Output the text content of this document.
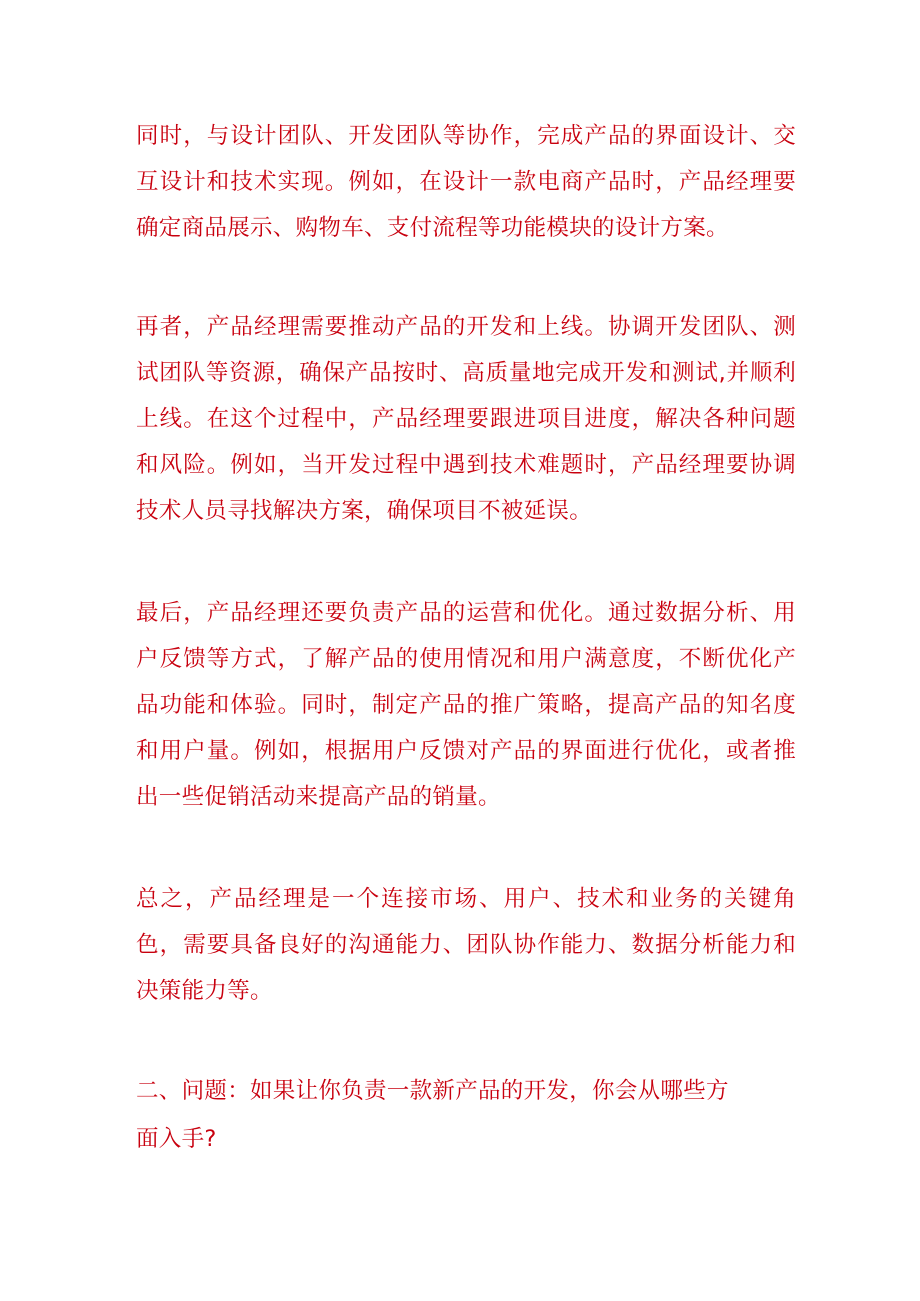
同时，与设计团队、开发团队等协作，完成产品的界面设计、交互设计和技术实现。例如，在设计一款电商产品时，产品经理要确定商品展示、购物车、支付流程等功能模块的设计方案。

再者，产品经理需要推动产品的开发和上线。协调开发团队、测试团队等资源，确保产品按时、高质量地完成开发和测试,并顺利上线。在这个过程中，产品经理要跟进项目进度，解决各种问题和风险。例如，当开发过程中遇到技术难题时，产品经理要协调技术人员寻找解决方案，确保项目不被延误。

最后，产品经理还要负责产品的运营和优化。通过数据分析、用户反馈等方式，了解产品的使用情况和用户满意度，不断优化产品功能和体验。同时，制定产品的推广策略，提高产品的知名度和用户量。例如，根据用户反馈对产品的界面进行优化，或者推出一些促销活动来提高产品的销量。

总之，产品经理是一个连接市场、用户、技术和业务的关键角色，需要具备良好的沟通能力、团队协作能力、数据分析能力和决策能力等。

二、问题：如果让你负责一款新产品的开发，你会从哪些方

面入手?
